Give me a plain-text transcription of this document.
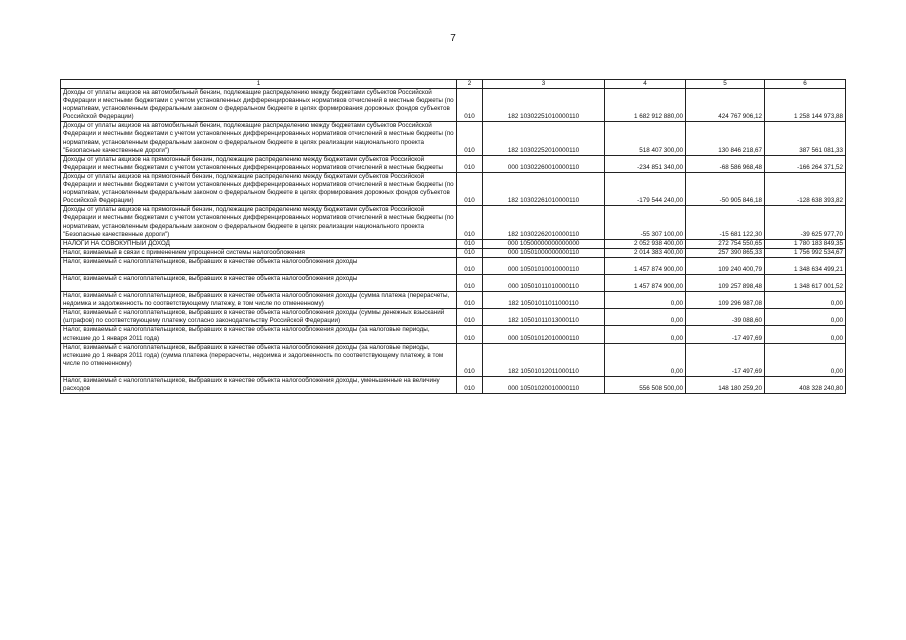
7
1	2	3	4	5	6
Доходы от уплаты акцизов на автомобильный бензин, подлежащие распределению между бюджетами субъектов Российской Федерации и местными бюджетами с учетом установленных дифференцированных нормативов отчислений в местные бюджеты (по нормативам, установленным федеральным законом о федеральном бюджете в целях формирования дорожных фондов субъектов Российской Федерации)	010	182 10302251010000110	1 682 912 880,00	424 767 906,12	1 258 144 973,88
Доходы от уплаты акцизов на автомобильный бензин, подлежащие распределению между бюджетами субъектов Российской Федерации и местными бюджетами с учетом установленных дифференцированных нормативов отчислений в местные бюджеты (по нормативам, установленным федеральным законом о федеральном бюджете в целях реализации национального проекта "Безопасные качественные дороги")	010	182 10302252010000110	518 407 300,00	130 846 218,67	387 561 081,33
Доходы от уплаты акцизов на прямогонный бензин, подлежащие распределению между бюджетами субъектов Российской Федерации и местными бюджетами с учетом установленных дифференцированных нормативов отчислений в местные бюджеты	010	000 10302260010000110	-234 851 340,00	-68 586 968,48	-166 264 371,52
Доходы от уплаты акцизов на прямогонный бензин, подлежащие распределению между бюджетами субъектов Российской Федерации и местными бюджетами с учетом установленных дифференцированных нормативов отчислений в местные бюджеты (по нормативам, установленным федеральным законом о федеральном бюджете в целях формирования дорожных фондов субъектов Российской Федерации)	010	182 10302261010000110	-179 544 240,00	-50 905 846,18	-128 638 393,82
Доходы от уплаты акцизов на прямогонный бензин, подлежащие распределению между бюджетами субъектов Российской Федерации и местными бюджетами с учетом установленных дифференцированных нормативов отчислений в местные бюджеты (по нормативам, установленным федеральным законом о федеральном бюджете в целях реализации национального проекта "Безопасные качественные дороги")	010	182 10302262010000110	-55 307 100,00	-15 681 122,30	-39 625 977,70
НАЛОГИ НА СОВОКУПНЫЙ ДОХОД	010	000 10500000000000000	2 052 938 400,00	272 754 550,65	1 780 183 849,35
Налог, взимаемый в связи с применением упрощенной системы налогообложения	010	000 10501000000000110	2 014 383 400,00	257 390 865,33	1 756 992 534,67
Налог, взимаемый с налогоплательщиков, выбравших в качестве объекта налогообложения доходы	010	000 10501010010000110	1 457 874 900,00	109 240 400,79	1 348 634 499,21
Налог, взимаемый с налогоплательщиков, выбравших в качестве объекта налогообложения доходы	010	000 10501011010000110	1 457 874 900,00	109 257 898,48	1 348 617 001,52
Налог, взимаемый с налогоплательщиков, выбравших в качестве объекта налогообложения доходы (сумма платежа (перерасчеты, недоимка и задолженность по соответствующему платежу, в том числе по отмененному)	010	182 10501011011000110	0,00	109 296 987,08	0,00
Налог, взимаемый с налогоплательщиков, выбравших в качестве объекта налогообложения доходы (суммы денежных взысканий (штрафов) по соответствующему платежу согласно законодательству Российской Федерации)	010	182 10501011013000110	0,00	-39 088,60	0,00
Налог, взимаемый с налогоплательщиков, выбравших в качестве объекта налогообложения доходы (за налоговые периоды, истекшие до 1 января 2011 года)	010	000 10501012010000110	0,00	-17 497,69	0,00
Налог, взимаемый с налогоплательщиков, выбравших в качестве объекта налогообложения доходы (за налоговые периоды, истекшие до 1 января 2011 года) (сумма платежа (перерасчеты, недоимка и задолженность по соответствующему платежу, в том числе по отмененному)	010	182 10501012011000110	0,00	-17 497,69	0,00
Налог, взимаемый с налогоплательщиков, выбравших в качестве объекта налогообложения доходы, уменьшенные на величину расходов	010	000 10501020010000110	556 508 500,00	148 180 259,20	408 328 240,80
